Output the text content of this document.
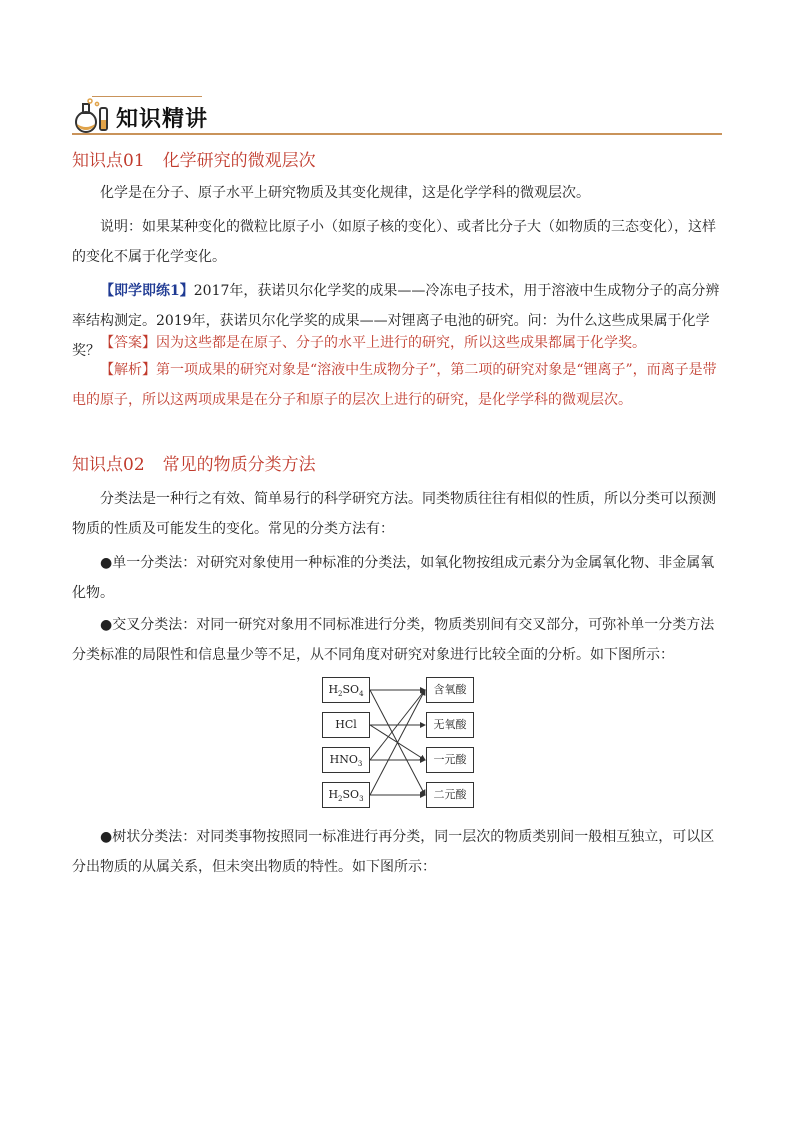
知识精讲
知识点01 化学研究的微观层次

化学是在分子、原子水平上研究物质及其变化规律，这是化学学科的微观层次。

说明：如果某种变化的微粒比原子小（如原子核的变化）、或者比分子大（如物质的三态变化），这样的变化不属于化学变化。

【即学即练1】2017年，获诺贝尔化学奖的成果——冷冻电子技术，用于溶液中生成物分子的高分辨率结构测定。2019年，获诺贝尔化学奖的成果——对锂离子电池的研究。问：为什么这些成果属于化学奖？ 【答案】因为这些都是在原子、分子的水平上进行的研究，所以这些成果都属于化学奖。

【解析】第一项成果的研究对象是“溶液中生成物分子”，第二项的研究对象是“锂离子”，而离子是带电的原子，所以这两项成果是在分子和原子的层次上进行的研究，是化学学科的微观层次。

知识点02 常见的物质分类方法

分类法是一种行之有效、简单易行的科学研究方法。同类物质往往有相似的性质，所以分类可以预测物质的性质及可能发生的变化。常见的分类方法有：

●单一分类法：对研究对象使用一种标准的分类法，如氧化物按组成元素分为金属氧化物、非金属氧化物。

●交叉分类法：对同一研究对象用不同标准进行分类，物质类别间有交叉部分，可弥补单一分类方法分类标准的局限性和信息量少等不足，从不同角度对研究对象进行比较全面的分析。如下图所示：

$H_2SO_4$
HCl
$HNO_3$
$H_2SO_3$
含氧酸
无氧酸
一元酸
二元酸

●树状分类法：对同类事物按照同一标准进行再分类，同一层次的物质类别间一般相互独立，可以区分出物质的从属关系，但未突出物质的特性。如下图所示：
